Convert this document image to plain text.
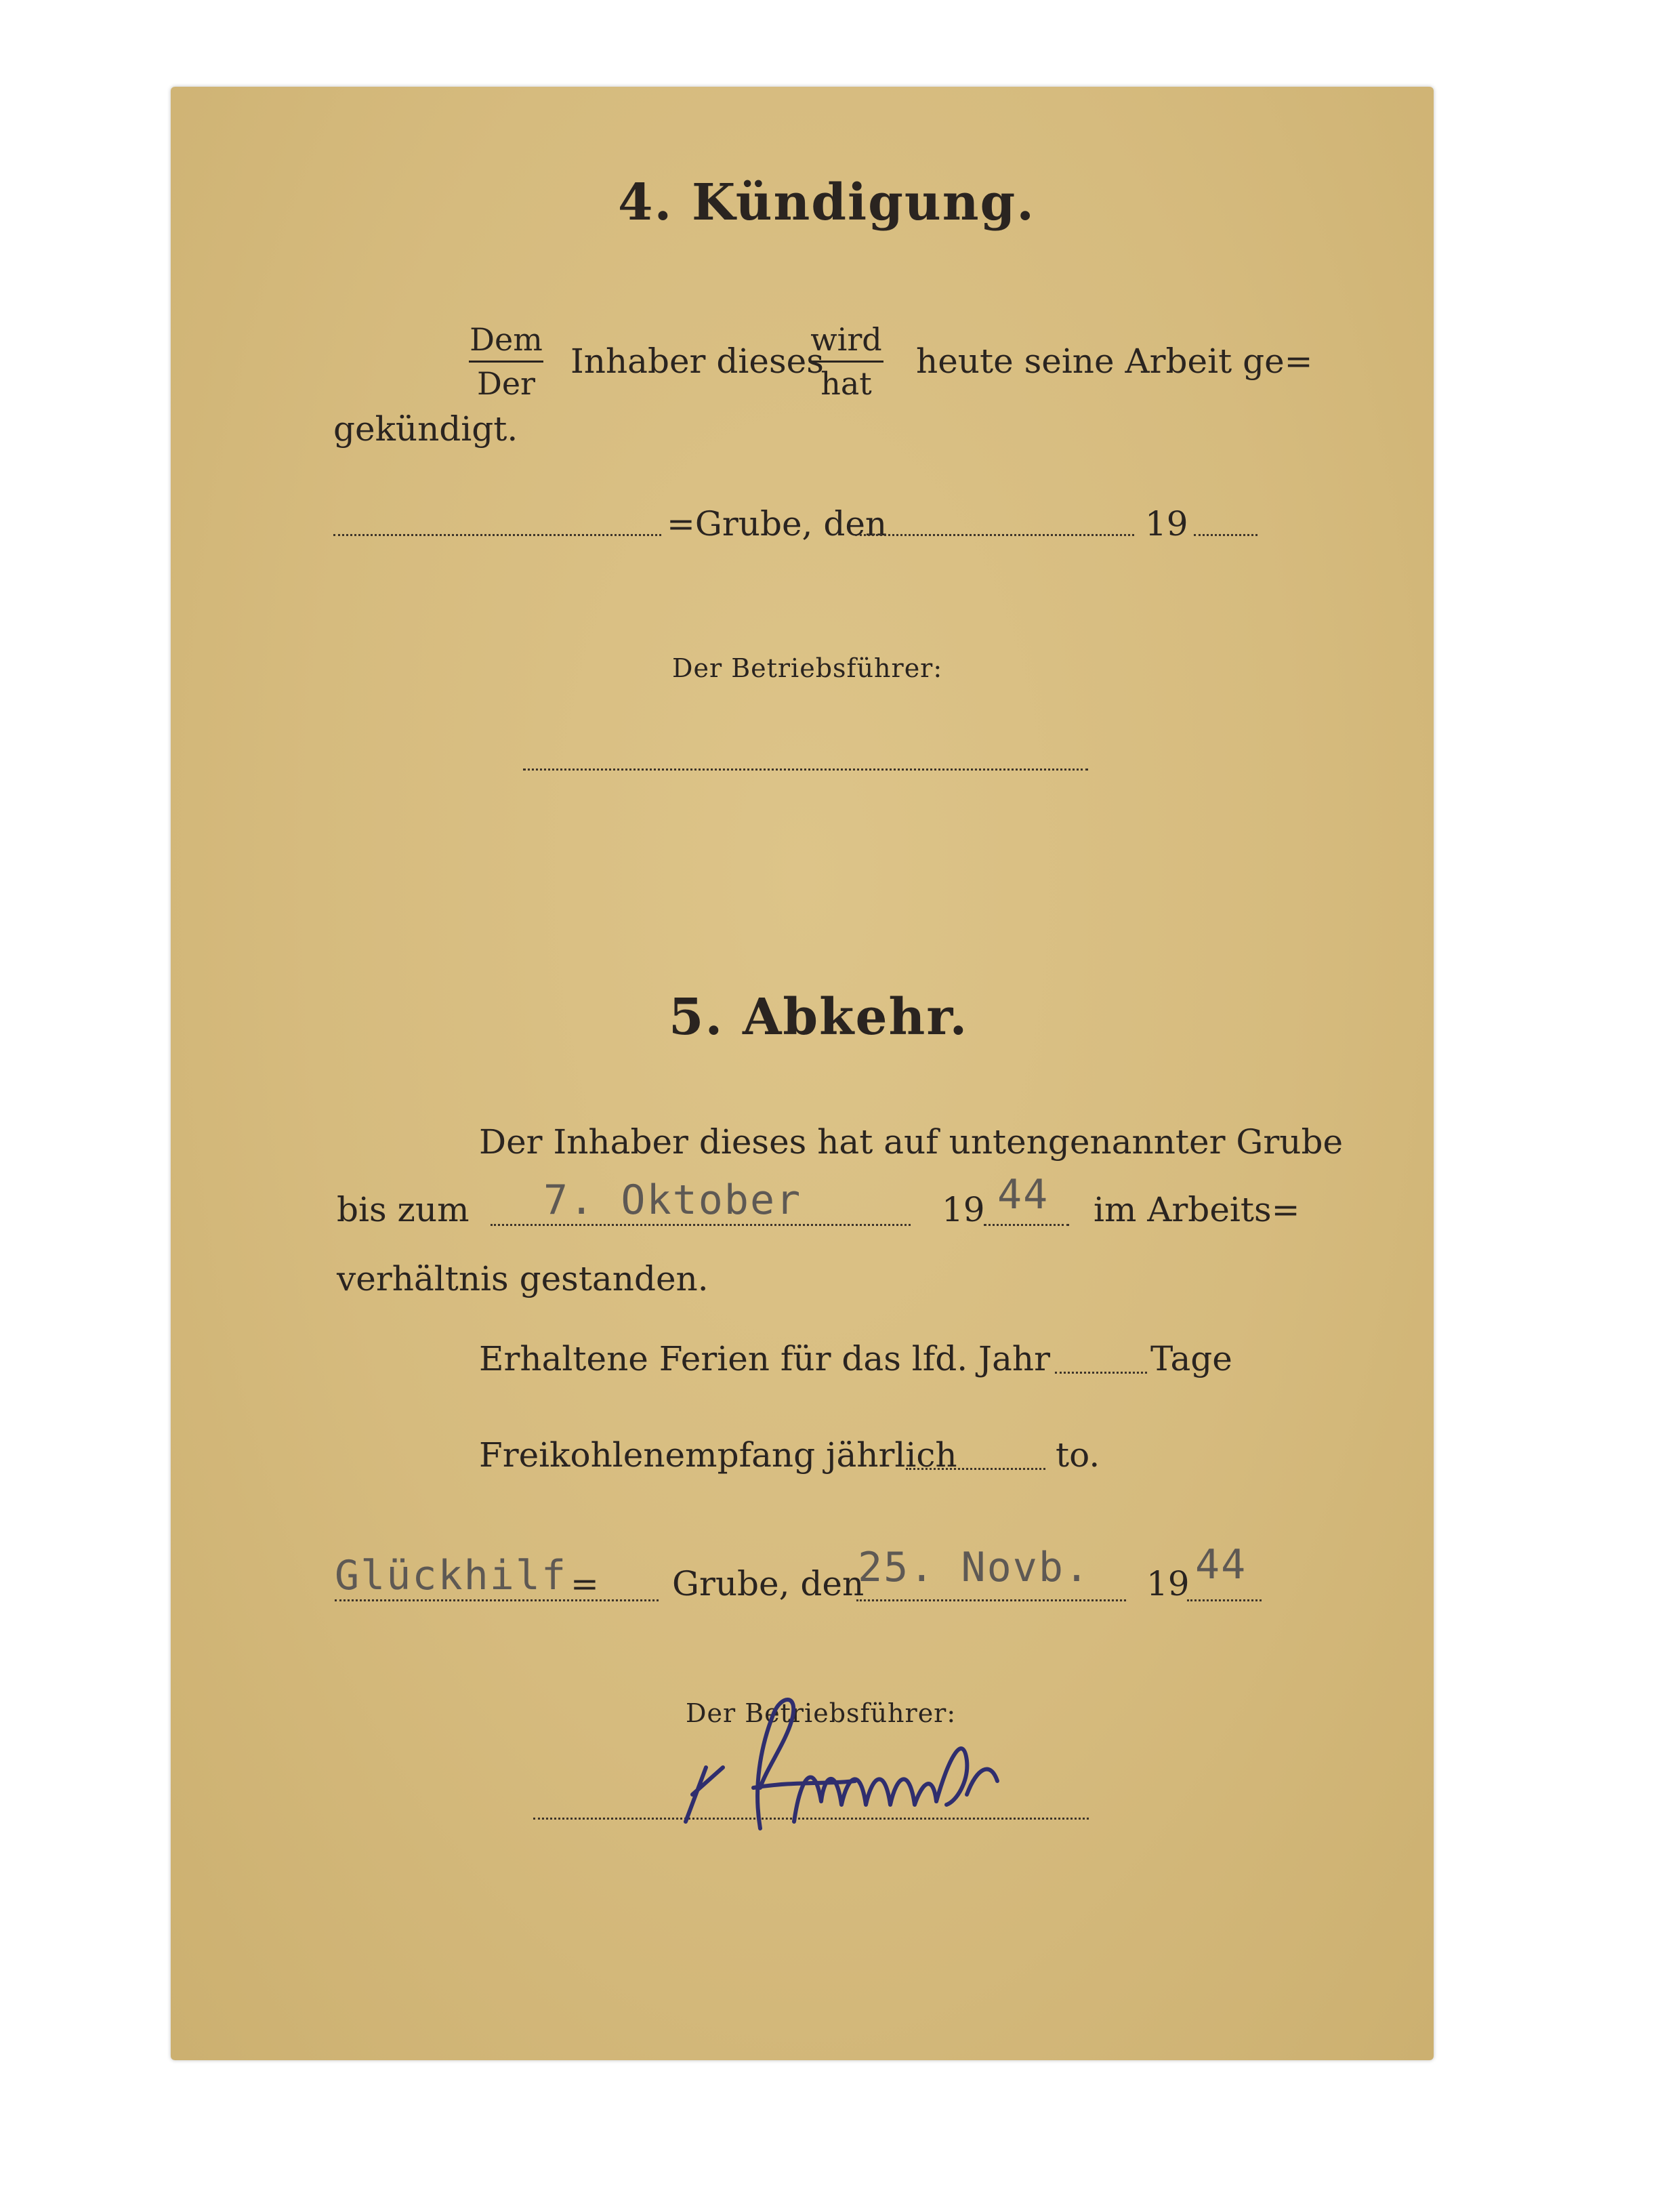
4. Kündigung.
Dem
Der
Inhaber dieses
wird
hat
heute seine Arbeit ge=
gekündigt.
=Grube, den	19
Der Betriebsführer:
5. Abkehr.
Der Inhaber dieses hat auf untengenannter Grube
bis zum 7. Oktober	19 44 im Arbeits=
verhältnis gestanden.
Erhaltene Ferien für das lfd. Jahr	Tage
Freikohlenempfang jährlich	to.
Glückhilf = Grube, den
25. Novb. 19 44
Der Betriebsführer:
